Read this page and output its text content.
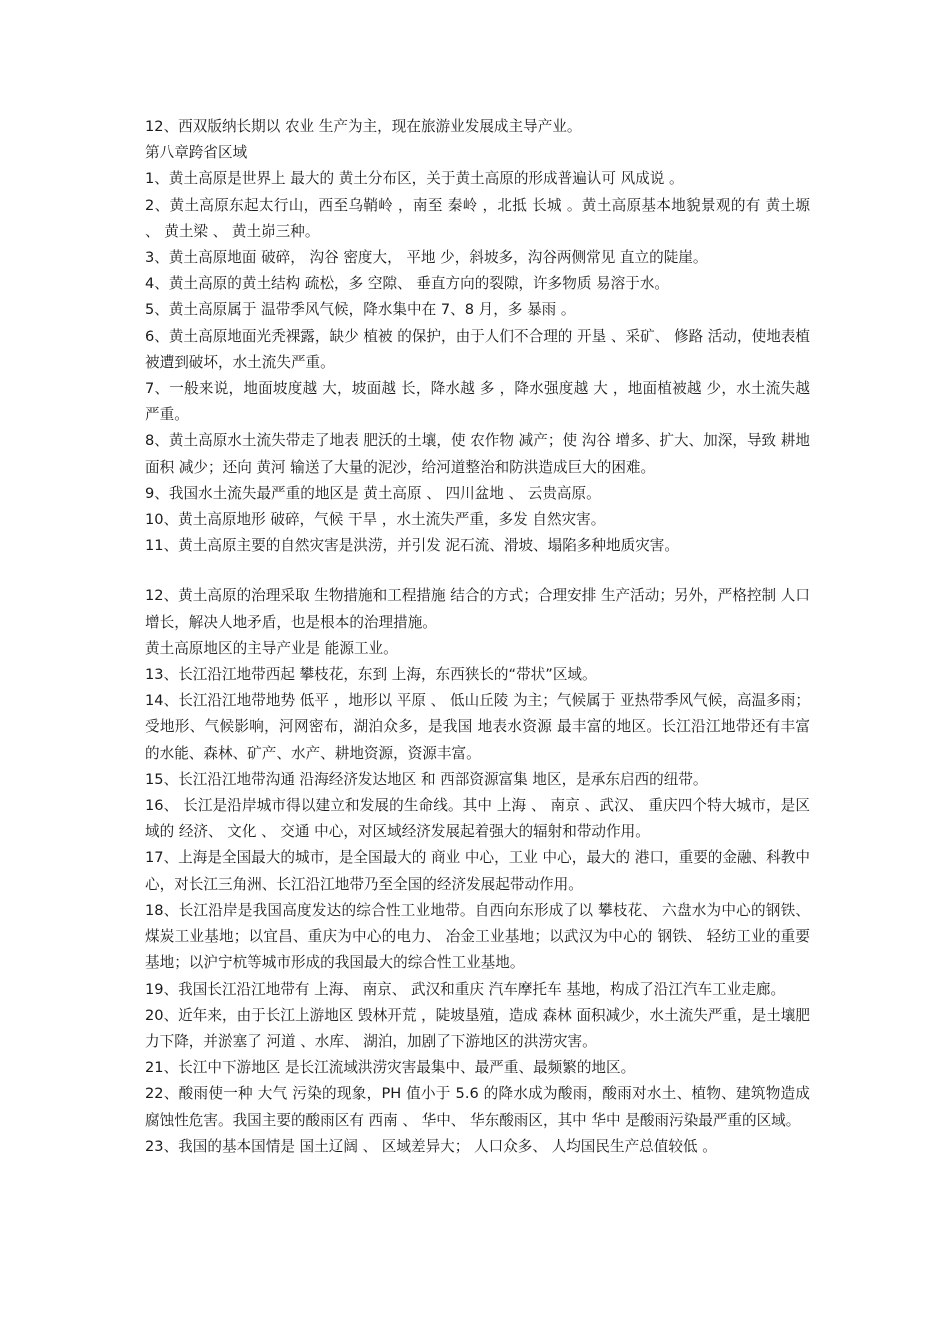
12、西双版纳长期以 农业 生产为主，现在旅游业发展成主导产业。

第八章跨省区域

1、黄土高原是世界上 最大的 黄土分布区，关于黄土高原的形成普遍认可 风成说 。

2、黄土高原东起太行山，西至乌鞘岭 ，南至 秦岭 ，北抵 长城 。黄土高原基本地貌景观的有 黄土塬 、 黄土梁 、 黄土峁三种。

3、黄土高原地面 破碎， 沟谷 密度大， 平地 少，斜坡多，沟谷两侧常见 直立的陡崖。

4、黄土高原的黄土结构 疏松，多 空隙、 垂直方向的裂隙，许多物质 易溶于水。

5、黄土高原属于 温带季风气候，降水集中在 7、8 月，多 暴雨 。

6、黄土高原地面光秃裸露，缺少 植被 的保护，由于人们不合理的 开垦 、采矿、 修路 活动，使地表植被遭到破坏，水土流失严重。

7、一般来说，地面坡度越 大，坡面越 长，降水越 多 ，降水强度越 大 ，地面植被越 少，水土流失越严重。

8、黄土高原水土流失带走了地表 肥沃的土壤，使 农作物 减产；使 沟谷 增多、扩大、加深，导致 耕地面积 减少；还向 黄河 输送了大量的泥沙，给河道整治和防洪造成巨大的困难。

9、我国水土流失最严重的地区是 黄土高原 、 四川盆地 、 云贵高原。

10、黄土高原地形 破碎，气候 干旱 ，水土流失严重，多发 自然灾害。

11、黄土高原主要的自然灾害是洪涝，并引发 泥石流、滑坡、塌陷多种地质灾害。

12、黄土高原的治理采取 生物措施和工程措施 结合的方式；合理安排 生产活动；另外，严格控制 人口增长，解决人地矛盾，也是根本的治理措施。

黄土高原地区的主导产业是 能源工业。

13、长江沿江地带西起 攀枝花，东到 上海，东西狭长的“带状”区域。

14、长江沿江地带地势 低平 ，地形以 平原 、 低山丘陵 为主；气候属于 亚热带季风气候，高温多雨；受地形、气候影响，河网密布，湖泊众多，是我国 地表水资源 最丰富的地区。长江沿江地带还有丰富的水能、森林、矿产、水产、耕地资源，资源丰富。

15、长江沿江地带沟通 沿海经济发达地区 和 西部资源富集 地区，是承东启西的纽带。

16、 长江是沿岸城市得以建立和发展的生命线。其中 上海 、 南京 、武汉、 重庆四个特大城市，是区域的 经济、 文化 、 交通 中心，对区域经济发展起着强大的辐射和带动作用。

17、上海是全国最大的城市，是全国最大的 商业 中心，工业 中心，最大的 港口，重要的金融、科教中心，对长江三角洲、长江沿江地带乃至全国的经济发展起带动作用。

18、长江沿岸是我国高度发达的综合性工业地带。自西向东形成了以 攀枝花、 六盘水为中心的钢铁、煤炭工业基地；以宜昌、重庆为中心的电力、 冶金工业基地；以武汉为中心的 钢铁、 轻纺工业的重要基地；以沪宁杭等城市形成的我国最大的综合性工业基地。

19、我国长江沿江地带有 上海、 南京、 武汉和重庆 汽车摩托车 基地，构成了沿江汽车工业走廊。

20、近年来，由于长江上游地区 毁林开荒 ，陡坡垦殖，造成 森林 面积减少，水土流失严重，是土壤肥力下降，并淤塞了 河道 、水库、 湖泊，加剧了下游地区的洪涝灾害。

21、长江中下游地区 是长江流域洪涝灾害最集中、最严重、最频繁的地区。

22、酸雨使一种 大气 污染的现象，PH 值小于 5.6 的降水成为酸雨，酸雨对水土、植物、建筑物造成腐蚀性危害。我国主要的酸雨区有 西南 、 华中、 华东酸雨区，其中 华中 是酸雨污染最严重的区域。

23、我国的基本国情是 国土辽阔 、 区域差异大； 人口众多、 人均国民生产总值较低 。
